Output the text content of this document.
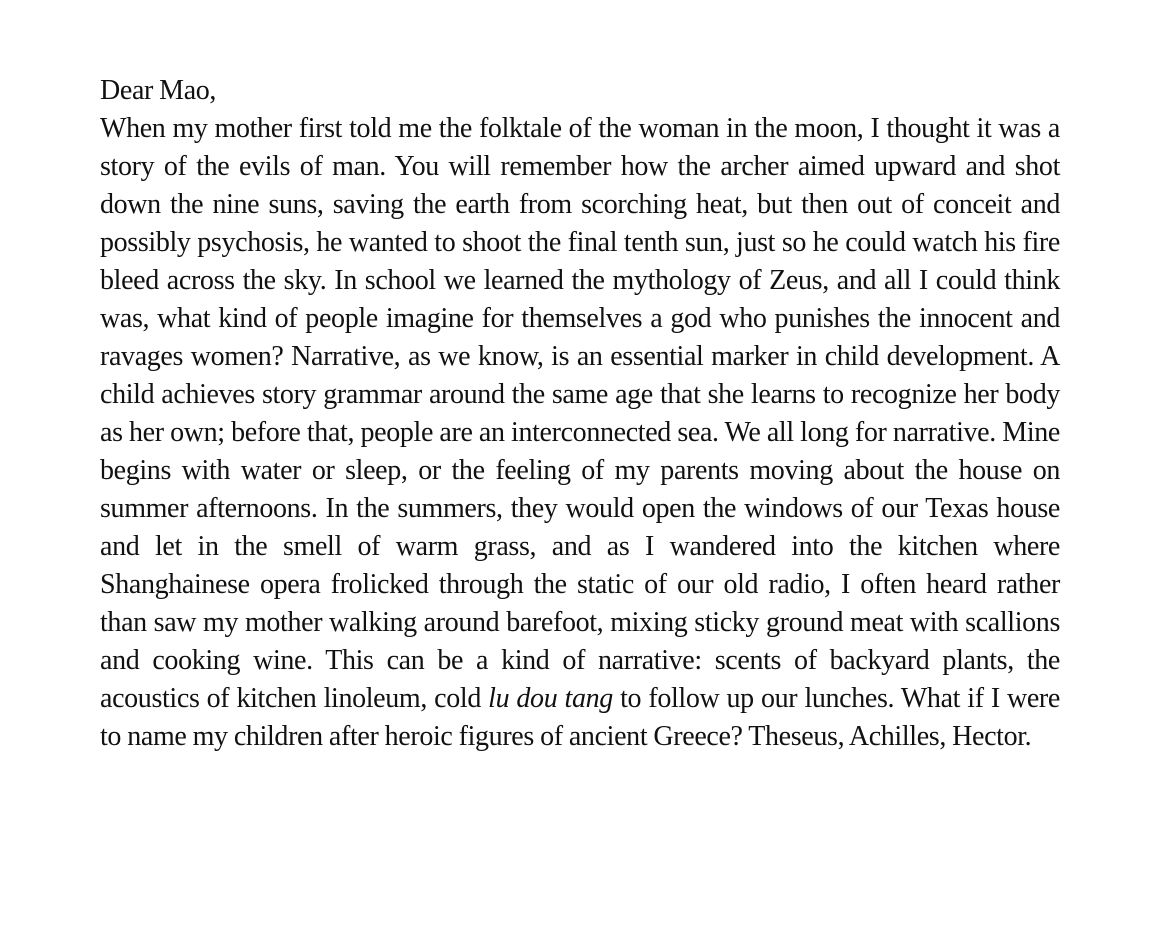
Dear Mao,

When my mother first told me the folktale of the woman in the moon, I thought it was a story of the evils of man. You will remember how the archer aimed upward and shot down the nine suns, saving the earth from scorching heat, but then out of conceit and possibly psychosis, he wanted to shoot the final tenth sun, just so he could watch his fire bleed across the sky. In school we learned the mythology of Zeus, and all I could think was, what kind of people imagine for themselves a god who punishes the innocent and ravages women? Narrative, as we know, is an essential marker in child development. A child achieves story grammar around the same age that she learns to recognize her body as her own; before that, people are an interconnected sea. We all long for narrative. Mine begins with water or sleep, or the feeling of my parents moving about the house on summer afternoons. In the summers, they would open the windows of our Texas house and let in the smell of warm grass, and as I wandered into the kitchen where Shanghainese opera frolicked through the static of our old radio, I often heard rather than saw my mother walking around barefoot, mixing sticky ground meat with scallions and cooking wine. This can be a kind of narrative: scents of backyard plants, the acoustics of kitchen linoleum, cold lu dou tang to follow up our lunches. What if I were to name my children after heroic figures of ancient Greece? Theseus, Achilles, Hector.
